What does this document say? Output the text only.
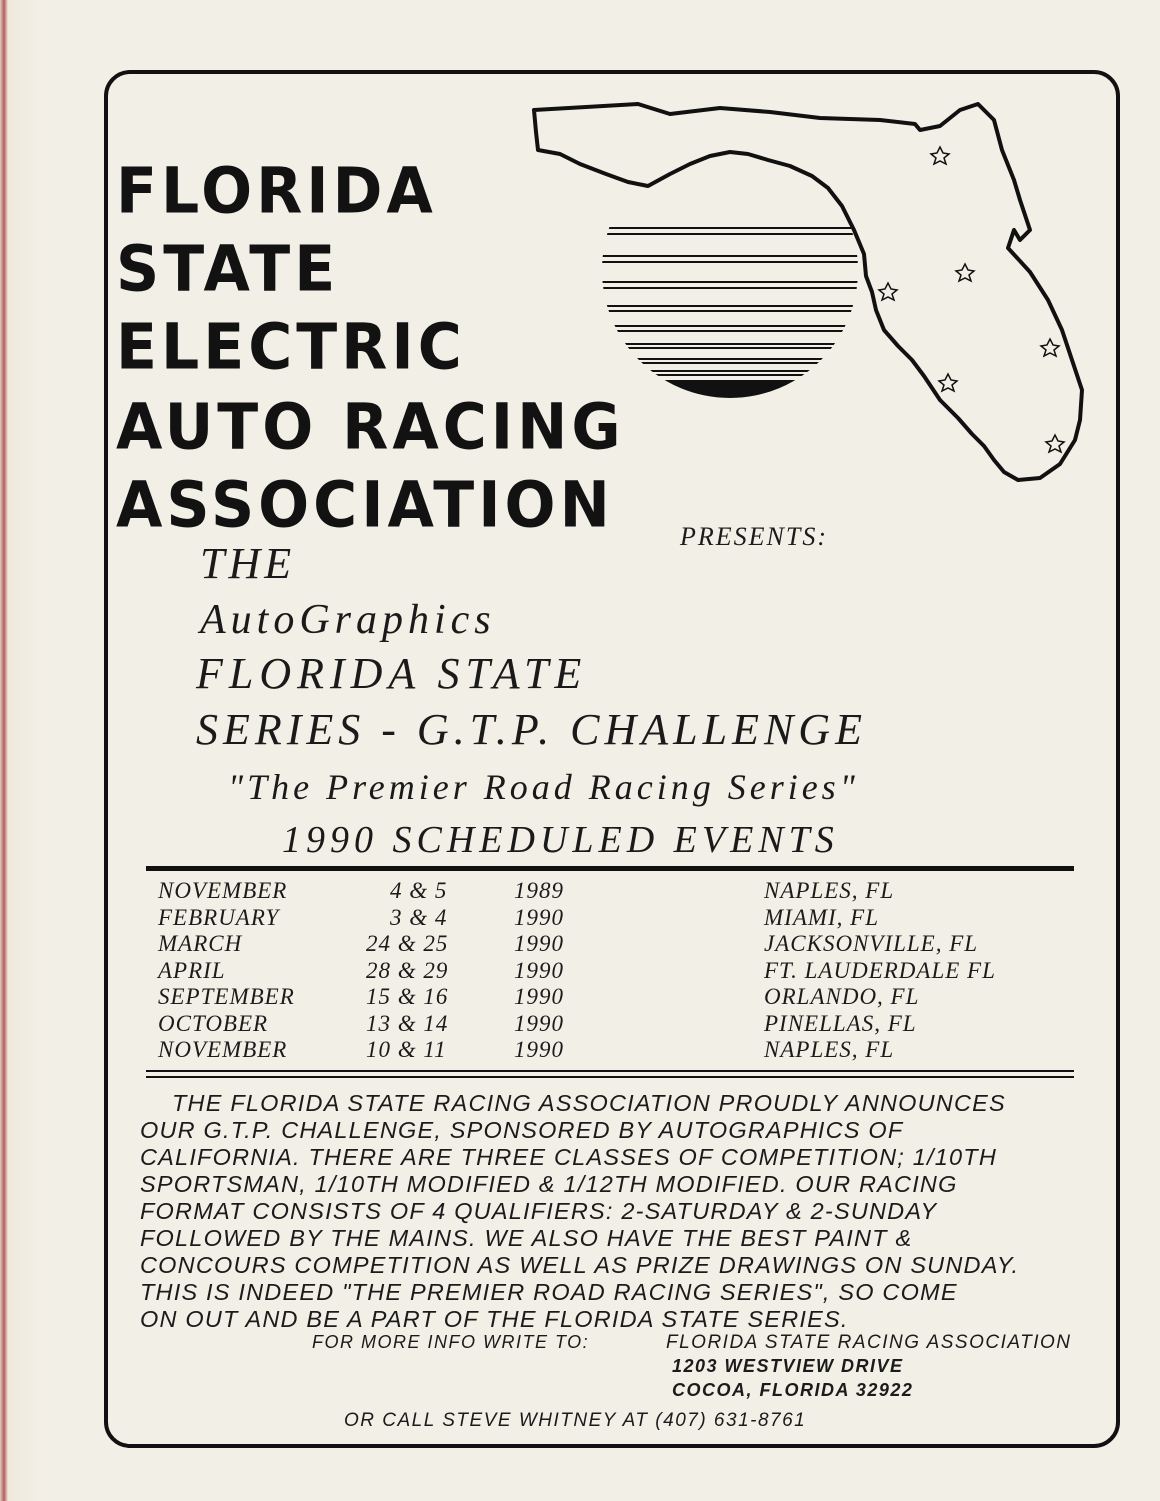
FLORIDA
STATE
ELECTRIC
AUTO RACING
ASSOCIATION	PRESENTS:
THE
AutoGraphics
FLORIDA STATE
SERIES - G.T.P. CHALLENGE
"The Premier Road Racing Series"
1990 SCHEDULED EVENTS
NOVEMBER	4 & 5	1989	NAPLES, FL
FEBRUARY	3 & 4	1990	MIAMI, FL
MARCH	24 & 25	1990	JACKSONVILLE, FL
APRIL	28 & 29	1990	FT. LAUDERDALE FL
SEPTEMBER	15 & 16	1990	ORLANDO, FL
OCTOBER	13 & 14	1990	PINELLAS, FL
NOVEMBER	10 & 11	1990	NAPLES, FL

THE FLORIDA STATE RACING ASSOCIATION PROUDLY ANNOUNCES

OUR G.T.P. CHALLENGE, SPONSORED BY AUTOGRAPHICS OF

CALIFORNIA. THERE ARE THREE CLASSES OF COMPETITION; 1/10TH

SPORTSMAN, 1/10TH MODIFIED & 1/12TH MODIFIED. OUR RACING

FORMAT CONSISTS OF 4 QUALIFIERS: 2-SATURDAY & 2-SUNDAY

FOLLOWED BY THE MAINS. WE ALSO HAVE THE BEST PAINT &

CONCOURS COMPETITION AS WELL AS PRIZE DRAWINGS ON SUNDAY.

THIS IS INDEED "THE PREMIER ROAD RACING SERIES", SO COME

ON OUT AND BE A PART OF THE FLORIDA STATE SERIES.

FOR MORE INFO WRITE TO:	FLORIDA STATE RACING ASSOCIATION
1203 WESTVIEW DRIVE
COCOA, FLORIDA 32922
OR CALL STEVE WHITNEY AT (407) 631-8761
